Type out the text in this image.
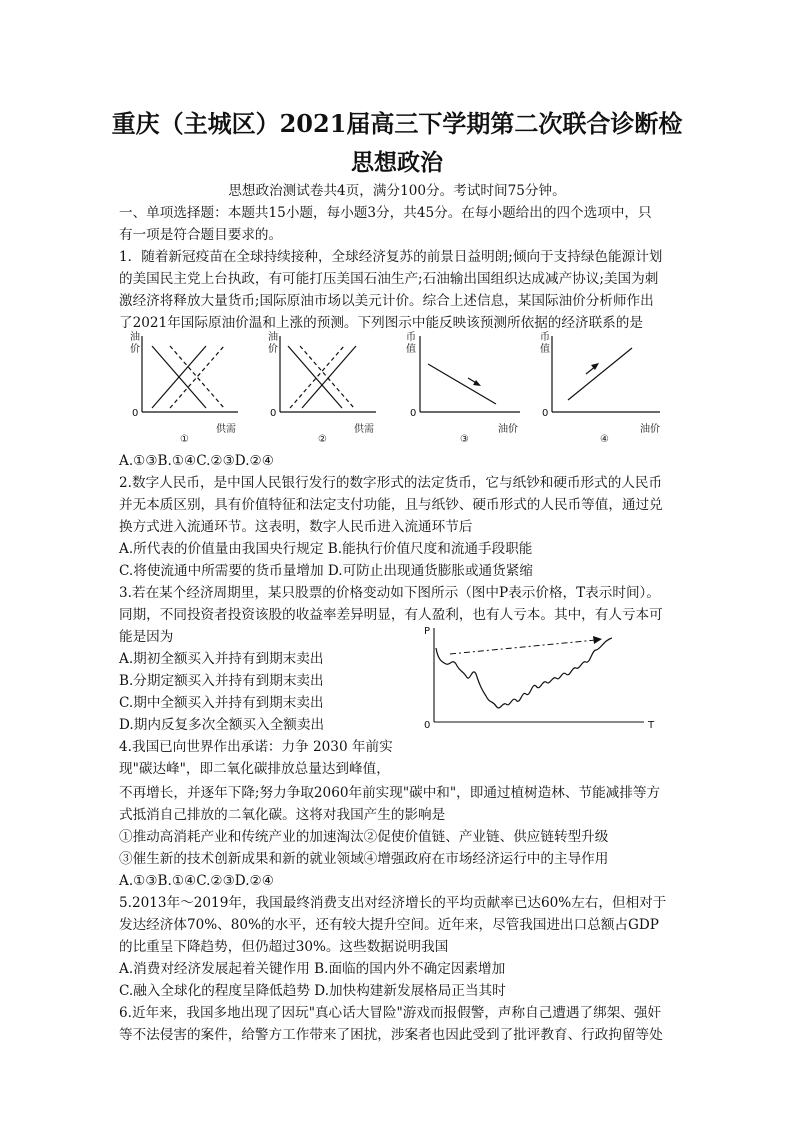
重庆（主城区）2021届高三下学期第二次联合诊断检
思想政治
思想政治测试卷共4页，满分100分。考试时间75分钟。
一、单项选择题：本题共15小题，每小题3分，共45分。在每小题给出的四个选项中，只
有一项是符合题目要求的。
1．随着新冠疫苗在全球持续接种，全球经济复苏的前景日益明朗;倾向于支持绿色能源计划
的美国民主党上台执政，有可能打压美国石油生产;石油输出国组织达成减产协议;美国为刺
激经济将释放大量货币;国际原油市场以美元计价。综合上述信息，某国际油价分析师作出
了2021年国际原油价温和上涨的预测。下列图示中能反映该预测所依据的经济联系的是
油
价
0
供需
①
油
价
0
供需
②
币
值
0
油价
③
币
值
0
油价
④
A.①③B.①④C.②③D.②④
2.数字人民币，是中国人民银行发行的数字形式的法定货币，它与纸钞和硬币形式的人民币
并无本质区别，具有价值特征和法定支付功能，且与纸钞、硬币形式的人民币等值，通过兑
换方式进入流通环节。这表明，数字人民币进入流通环节后
A.所代表的价值量由我国央行规定 B.能执行价值尺度和流通手段职能
C.将使流通中所需要的货币量增加 D.可防止出现通货膨胀或通货紧缩
3.若在某个经济周期里，某只股票的价格变动如下图所示（图中P表示价格，T表示时间）。
同期，不同投资者投资该股的收益率差异明显，有人盈利，也有人亏本。其中，有人亏本可
能是因为
A.期初全额买入并持有到期末卖出
B.分期定额买入并持有到期末卖出
C.期中全额买入并持有到期末卖出
D.期内反复多次全额买入全额卖出
P
0	T
4.我国已向世界作出承诺：力争 2030 年前实
现"碳达峰"，即二氧化碳排放总量达到峰值，
不再增长，并逐年下降;努力争取2060年前实现"碳中和"，即通过植树造林、节能减排等方
式抵消自己排放的二氧化碳。这将对我国产生的影响是
①推动高消耗产业和传统产业的加速淘汰②促使价值链、产业链、供应链转型升级
③催生新的技术创新成果和新的就业领域④增强政府在市场经济运行中的主导作用
A.①③B.①④C.②③D.②④
5.2013年～2019年，我国最终消费支出对经济增长的平均贡献率已达60%左右，但相对于
发达经济体70%、80%的水平，还有较大提升空间。近年来，尽管我国进出口总额占GDP
的比重呈下降趋势，但仍超过30%。这些数据说明我国
A.消费对经济发展起着关键作用 B.面临的国内外不确定因素增加
C.融入全球化的程度呈降低趋势 D.加快构建新发展格局正当其时
6.近年来，我国多地出现了因玩"真心话大冒险"游戏而报假警，声称自己遭遇了绑架、强奸
等不法侵害的案件，给警方工作带来了困扰，涉案者也因此受到了批评教育、行政拘留等处
